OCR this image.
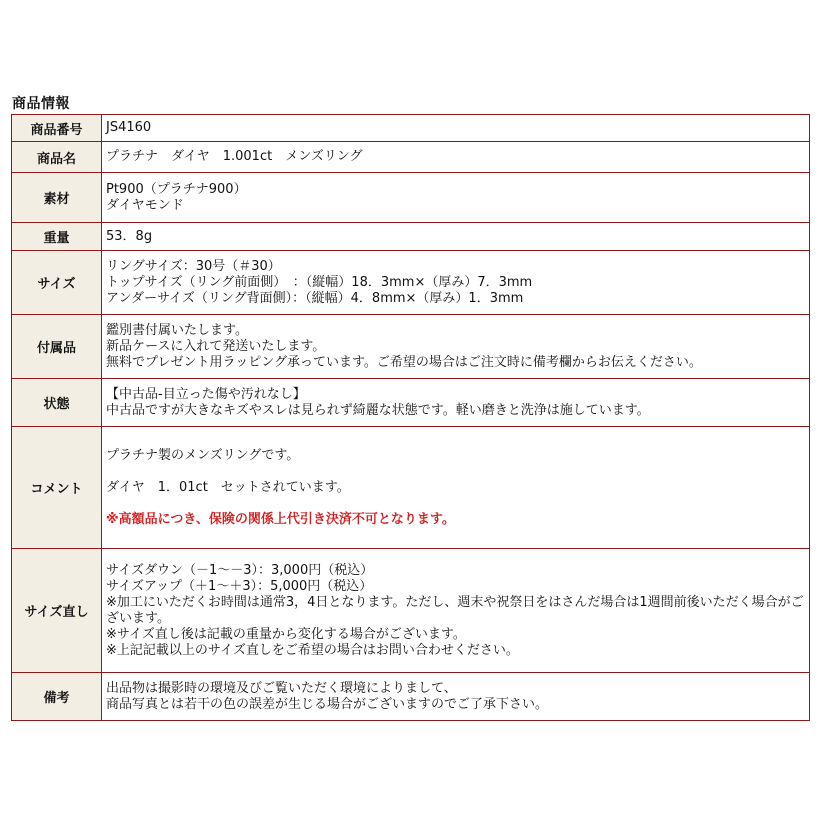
商品情報
商品番号	JS4160
商品名	プラチナ　ダイヤ　1.001ct　メンズリング
素材	Pt900（プラチナ900）
ダイヤモンド

重量	53．8g
サイズ	リングサイズ：30号（＃30）
トップサイズ（リング前面側）　：（縦幅）18．3mm×（厚み）7．3mm
アンダーサイズ（リング背面側）：（縦幅）4．8mm×（厚み）1．3mm

付属品	鑑別書付属いたします。
新品ケースに入れて発送いたします。
無料でプレゼント用ラッピング承っています。ご希望の場合はご注文時に備考欄からお伝えください。

状態	【中古品-目立った傷や汚れなし】
中古品ですが大きなキズやスレは見られず綺麗な状態です。軽い磨きと洗浄は施しています。

コメント	プラチナ製のメンズリングです。
ダイヤ　1．01ct　セットされています。
※高額品につき、保険の関係上代引き決済不可となります。

サイズ直し	サイズダウン（－1～－3）：3,000円（税込）
サイズアップ（＋1～＋3）：5,000円（税込）
※加工にいただくお時間は通常3，4日となります。ただし、週末や祝祭日をはさんだ場合は1週間前後いただく場合がございます。
※サイズ直し後は記載の重量から変化する場合がございます。
※上記記載以上のサイズ直しをご希望の場合はお問い合わせください。

備考	出品物は撮影時の環境及びご覧いただく環境によりまして、
商品写真とは若干の色の誤差が生じる場合がございますのでご了承下さい。
